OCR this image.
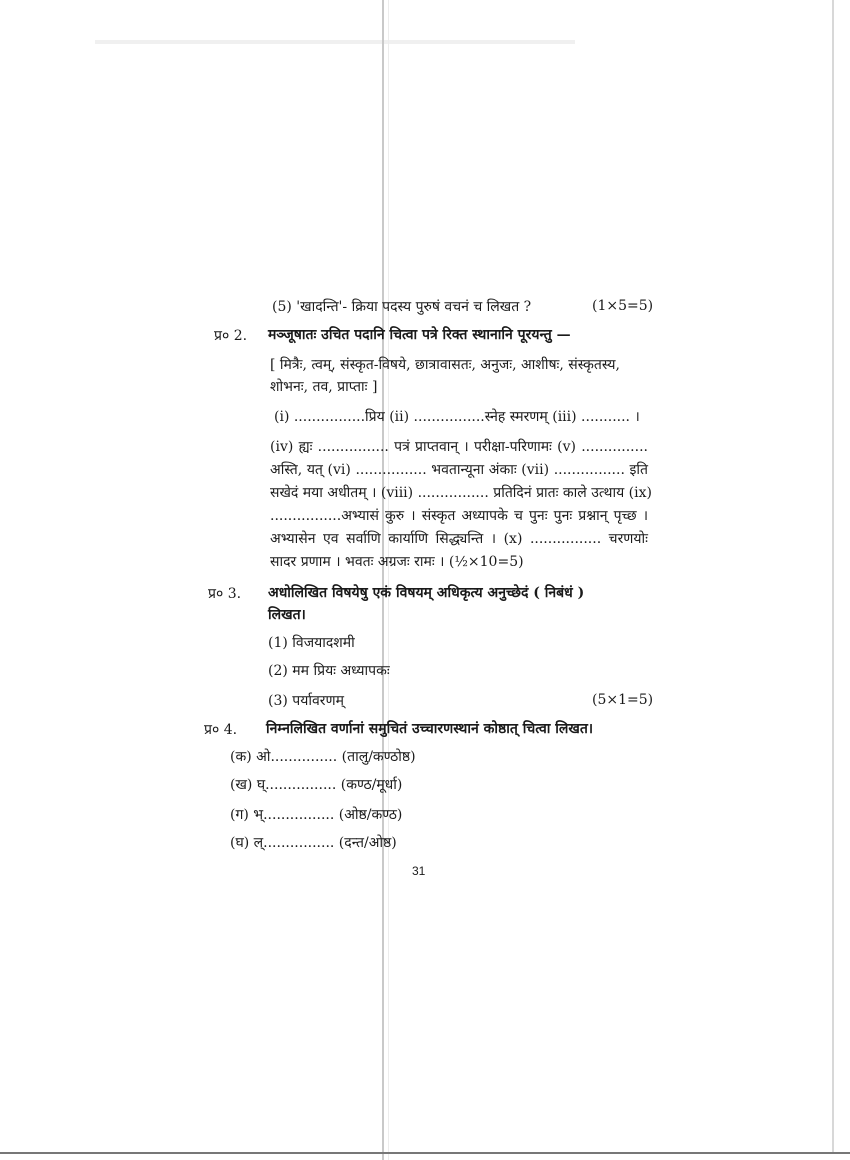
(5) 'खादन्ति'- क्रिया पदस्य पुरुषं वचनं च लिखत ?	(1×5=5)
प्र० 2. मञ्जूषातः उचित पदानि चित्वा पत्रे रिक्त स्थानानि पूरयन्तु —
[ मित्रैः, त्वम्, संस्कृत-विषये, छात्रावासतः, अनुजः, आशीषः, संस्कृतस्य,
शोभनः, तव, प्राप्ताः ]
(i) ................प्रिय (ii) ................स्नेह स्मरणम् (iii) ........... ।
(iv) ह्यः ................ पत्रं प्राप्तवान् । परीक्षा-परिणामः (v) ...............
अस्ति, यत् (vi) ................ भवतान्यूना अंकाः (vii) ................ इति
सखेदं मया अधीतम् । (viii) ................ प्रतिदिनं प्रातः काले उत्थाय (ix)
................अभ्यासं कुरु । संस्कृत अध्यापके च पुनः पुनः प्रश्नान् पृच्छ ।
अभ्यासेन एव सर्वाणि कार्याणि सिद्ध्यन्ति । (x) ................ चरणयोः
सादर प्रणाम । भवतः अग्रजः रामः । (½×10=5)
प्र० 3. अधोलिखित विषयेषु एकं विषयम् अधिकृत्य अनुच्छेदं ( निबंधं )
लिखत।
(1) विजयादशमी
(2) मम प्रियः अध्यापकः
(3) पर्यावरणम्	(5×1=5)
प्र० 4. निम्नलिखित वर्णानां समुचितं उच्चारणस्थानं कोष्ठात् चित्वा लिखत।
(क) ओ............... (तालु/कण्ठोष्ठ)
(ख) घ्................ (कण्ठ/मूर्धा)
(ग) भ्................ (ओष्ठ/कण्ठ)
(घ) ल्................ (दन्त/ओष्ठ)
31
